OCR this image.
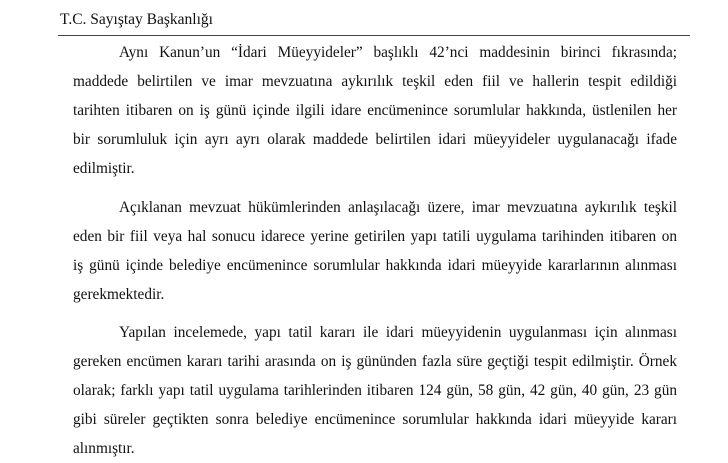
T.C. Sayıştay Başkanlığı
Aynı Kanun’un “İdari Müeyyideler” başlıklı 42’nci maddesinin birinci fıkrasında;
maddede belirtilen ve imar mevzuatına aykırılık teşkil eden fiil ve hallerin tespit edildiği
tarihten itibaren on iş günü içinde ilgili idare encümenince sorumlular hakkında, üstlenilen her
bir sorumluluk için ayrı ayrı olarak maddede belirtilen idari müeyyideler uygulanacağı ifade
edilmiştir.
Açıklanan mevzuat hükümlerinden anlaşılacağı üzere, imar mevzuatına aykırılık teşkil
eden bir fiil veya hal sonucu idarece yerine getirilen yapı tatili uygulama tarihinden itibaren on
iş günü içinde belediye encümenince sorumlular hakkında idari müeyyide kararlarının alınması
gerekmektedir.
Yapılan incelemede, yapı tatil kararı ile idari müeyyidenin uygulanması için alınması
gereken encümen kararı tarihi arasında on iş gününden fazla süre geçtiği tespit edilmiştir. Örnek
olarak; farklı yapı tatil uygulama tarihlerinden itibaren 124 gün, 58 gün, 42 gün, 40 gün, 23 gün
gibi süreler geçtikten sonra belediye encümenince sorumlular hakkında idari müeyyide kararı
alınmıştır.
